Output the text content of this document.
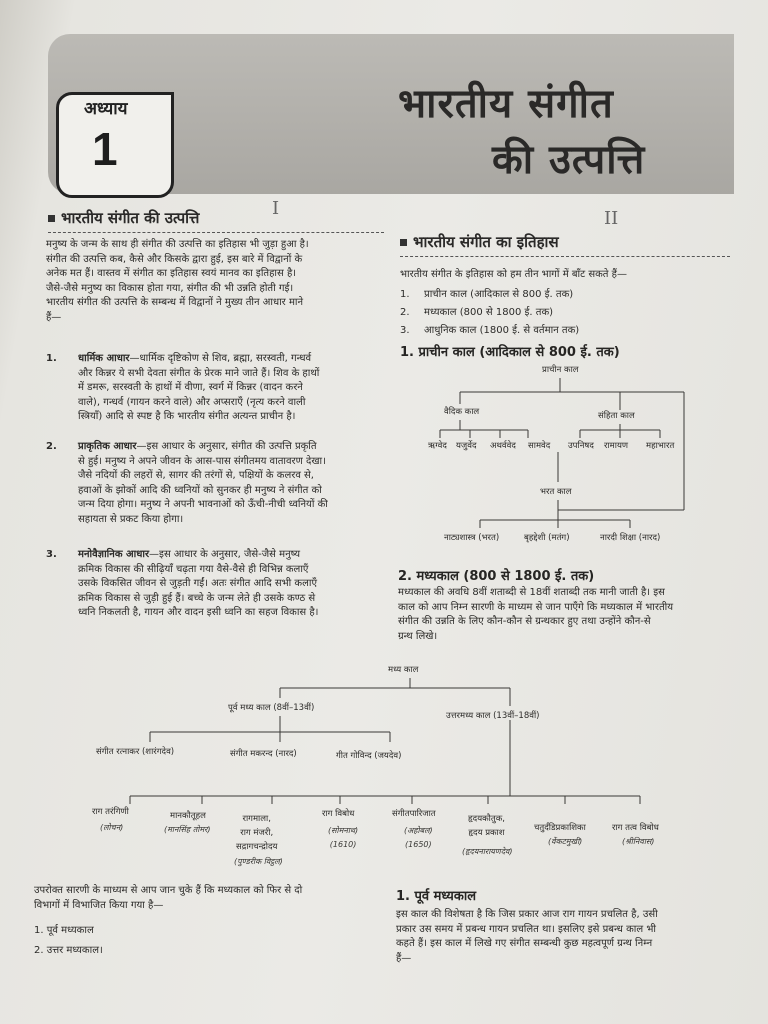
अध्याय
1
भारतीय संगीत
की उत्पत्ति
I	II
भारतीय संगीत की उत्पत्ति
मनुष्य के जन्म के साथ ही संगीत की उत्पत्ति का इतिहास भी जुड़ा हुआ है।
संगीत की उत्पत्ति कब, कैसे और किसके द्वारा हुई, इस बारे में विद्वानों के
अनेक मत हैं। वास्तव में संगीत का इतिहास स्वयं मानव का इतिहास है।
जैसे-जैसे मनुष्य का विकास होता गया, संगीत की भी उन्नति होती गई।
भारतीय संगीत की उत्पत्ति के सम्बन्ध में विद्वानों ने मुख्य तीन आधार माने
हैं—
1. धार्मिक आधार—धार्मिक दृष्टिकोण से शिव, ब्रह्मा, सरस्वती, गन्धर्व
और किन्नर ये सभी देवता संगीत के प्रेरक माने जाते हैं। शिव के हाथों
में डमरू, सरस्वती के हाथों में वीणा, स्वर्ग में किन्नर (वादन करने
वाले), गन्धर्व (गायन करने वाले) और अप्सराएँ (नृत्य करने वाली
स्त्रियाँ) आदि से स्पष्ट है कि भारतीय संगीत अत्यन्त प्राचीन है।
2. प्राकृतिक आधार—इस आधार के अनुसार, संगीत की उत्पत्ति प्रकृति
से हुई। मनुष्य ने अपने जीवन के आस-पास संगीतमय वातावरण देखा।
जैसे नदियों की लहरों से, सागर की तरंगों से, पक्षियों के कलरव से,
हवाओं के झोकों आदि की ध्वनियों को सुनकर ही मनुष्य ने संगीत को
जन्म दिया होगा। मनुष्य ने अपनी भावनाओं को ऊँची-नीची ध्वनियों की
सहायता से प्रकट किया होगा।
3. मनोवैज्ञानिक आधार—इस आधार के अनुसार, जैसे-जैसे मनुष्य
क्रमिक विकास की सीढ़ियाँ चढ़ता गया वैसे-वैसे ही विभिन्न कलाएँ
उसके विकसित जीवन से जुड़ती गईं। अतः संगीत आदि सभी कलाएँ
क्रमिक विकास से जुड़ी हुई हैं। बच्चे के जन्म लेते ही उसके कण्ठ से
ध्वनि निकलती है, गायन और वादन इसी ध्वनि का सहज विकास है।
भारतीय संगीत का इतिहास
भारतीय संगीत के इतिहास को हम तीन भागों में बाँट सकते हैं—
1. प्राचीन काल (आदिकाल से 800 ई. तक)
2. मध्यकाल (800 से 1800 ई. तक)
3. आधुनिक काल (1800 ई. से वर्तमान तक)
1. प्राचीन काल (आदिकाल से 800 ई. तक)
प्राचीन काल
वैदिक काल	संहिता काल
ऋग्वेद यजुर्वेद अथर्ववेद सामवेद उपनिषद रामायण महाभारत
भरत काल
नाट्यशास्त्र (भरत)	बृहद्देशी (मतंग)	नारदी शिक्षा (नारद)
2. मध्यकाल (800 से 1800 ई. तक)
मध्यकाल की अवधि 8वीं शताब्दी से 18वीं शताब्दी तक मानी जाती है। इस
काल को आप निम्न सारणी के माध्यम से जान पाएँगे कि मध्यकाल में भारतीय
संगीत की उन्नति के लिए कौन-कौन से ग्रन्थकार हुए तथा उन्होंने कौन-से
ग्रन्थ लिखे।
मध्य काल
पूर्व मध्य काल (8वीं–13वीं)
उत्तरमध्य काल (13वीं–18वीं)
संगीत रत्नाकर (शारंगदेव)	संगीत मकरन्द (नारद)	गीत गोविन्द (जयदेव)
राग तरंगिणी
(लोचन)
मानकौतूहल
(मानसिंह तोमर)
रागमाला,
राग मंजरी,
सद्रागचन्द्रोदय
(पुण्डरीक विट्ठल)
राग विबोध
(सोमनाथ)
(1610)
संगीतपारिजात
(अहोबल)
(1650)
हृदयकौतुक,
हृदय प्रकाश
(हृदयनारायणदेव)
चतुर्दंडिप्रकाशिका
(वेंकटमुखी)
राग तत्व विबोध
(श्रीनिवास)
उपरोक्त सारणी के माध्यम से आप जान चुके हैं कि मध्यकाल को फिर से दो
विभागों में विभाजित किया गया है—
1. पूर्व मध्यकाल
2. उत्तर मध्यकाल।
1. पूर्व मध्यकाल
इस काल की विशेषता है कि जिस प्रकार आज राग गायन प्रचलित है, उसी
प्रकार उस समय में प्रबन्ध गायन प्रचलित था। इसलिए इसे प्रबन्ध काल भी
कहते हैं। इस काल में लिखे गए संगीत सम्बन्धी कुछ महत्वपूर्ण ग्रन्थ निम्न
हैं—
